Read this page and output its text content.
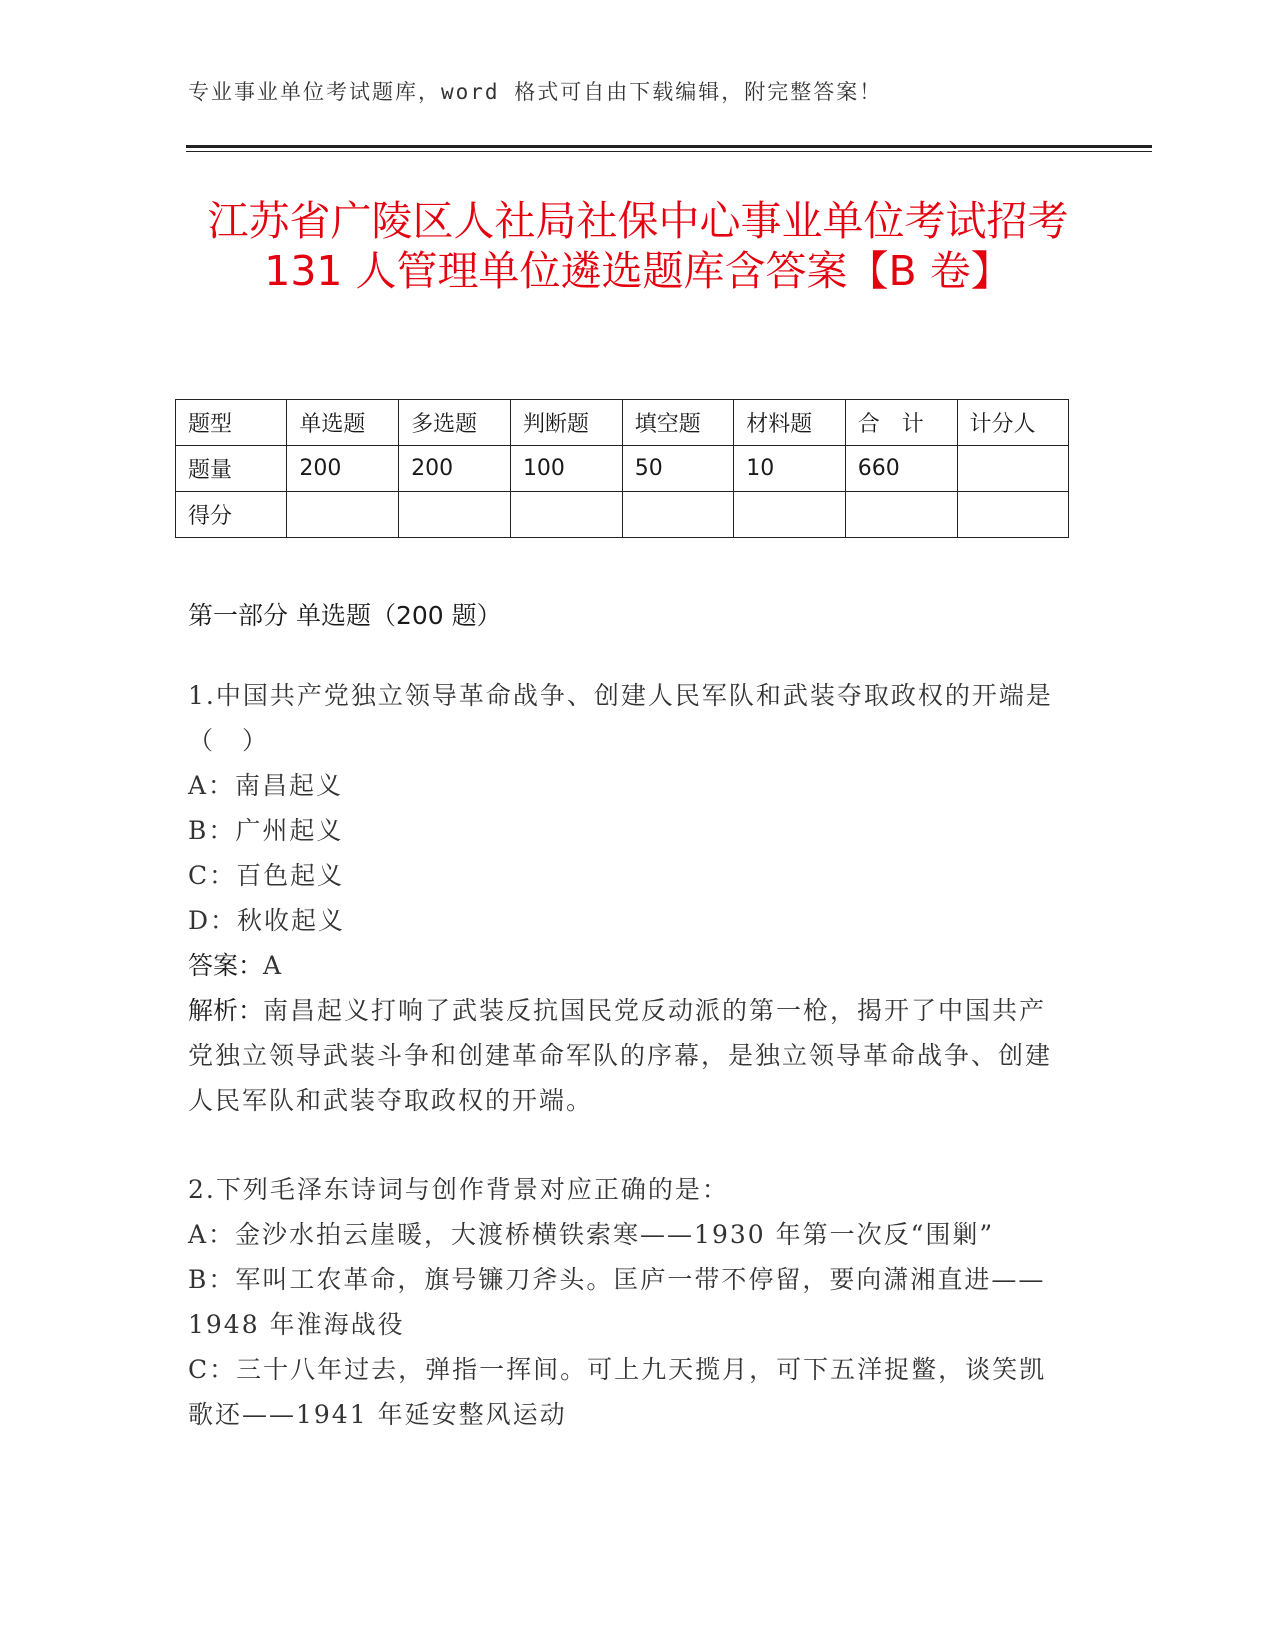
专业事业单位考试题库，word 格式可自由下载编辑，附完整答案！
江苏省广陵区人社局社保中心事业单位考试招考 131 人管理单位遴选题库含答案【B 卷】
题型	单选题	多选题	判断题	填空题	材料题	合　计	计分人
题量	200	200	100	50	10	660	
得分							
第一部分 单选题（200 题）

1.中国共产党独立领导革命战争、创建人民军队和武装夺取政权的开端是（　）

A：南昌起义

B：广州起义

C：百色起义

D：秋收起义

答案：A

解析：南昌起义打响了武装反抗国民党反动派的第一枪，揭开了中国共产党独立领导武装斗争和创建革命军队的序幕，是独立领导革命战争、创建人民军队和武装夺取政权的开端。

2.下列毛泽东诗词与创作背景对应正确的是：

A：金沙水拍云崖暖，大渡桥横铁索寒——1930 年第一次反“围剿”

B：军叫工农革命，旗号镰刀斧头。匡庐一带不停留，要向潇湘直进——1948 年淮海战役

C：三十八年过去，弹指一挥间。可上九天揽月，可下五洋捉鳖，谈笑凯歌还——1941 年延安整风运动
